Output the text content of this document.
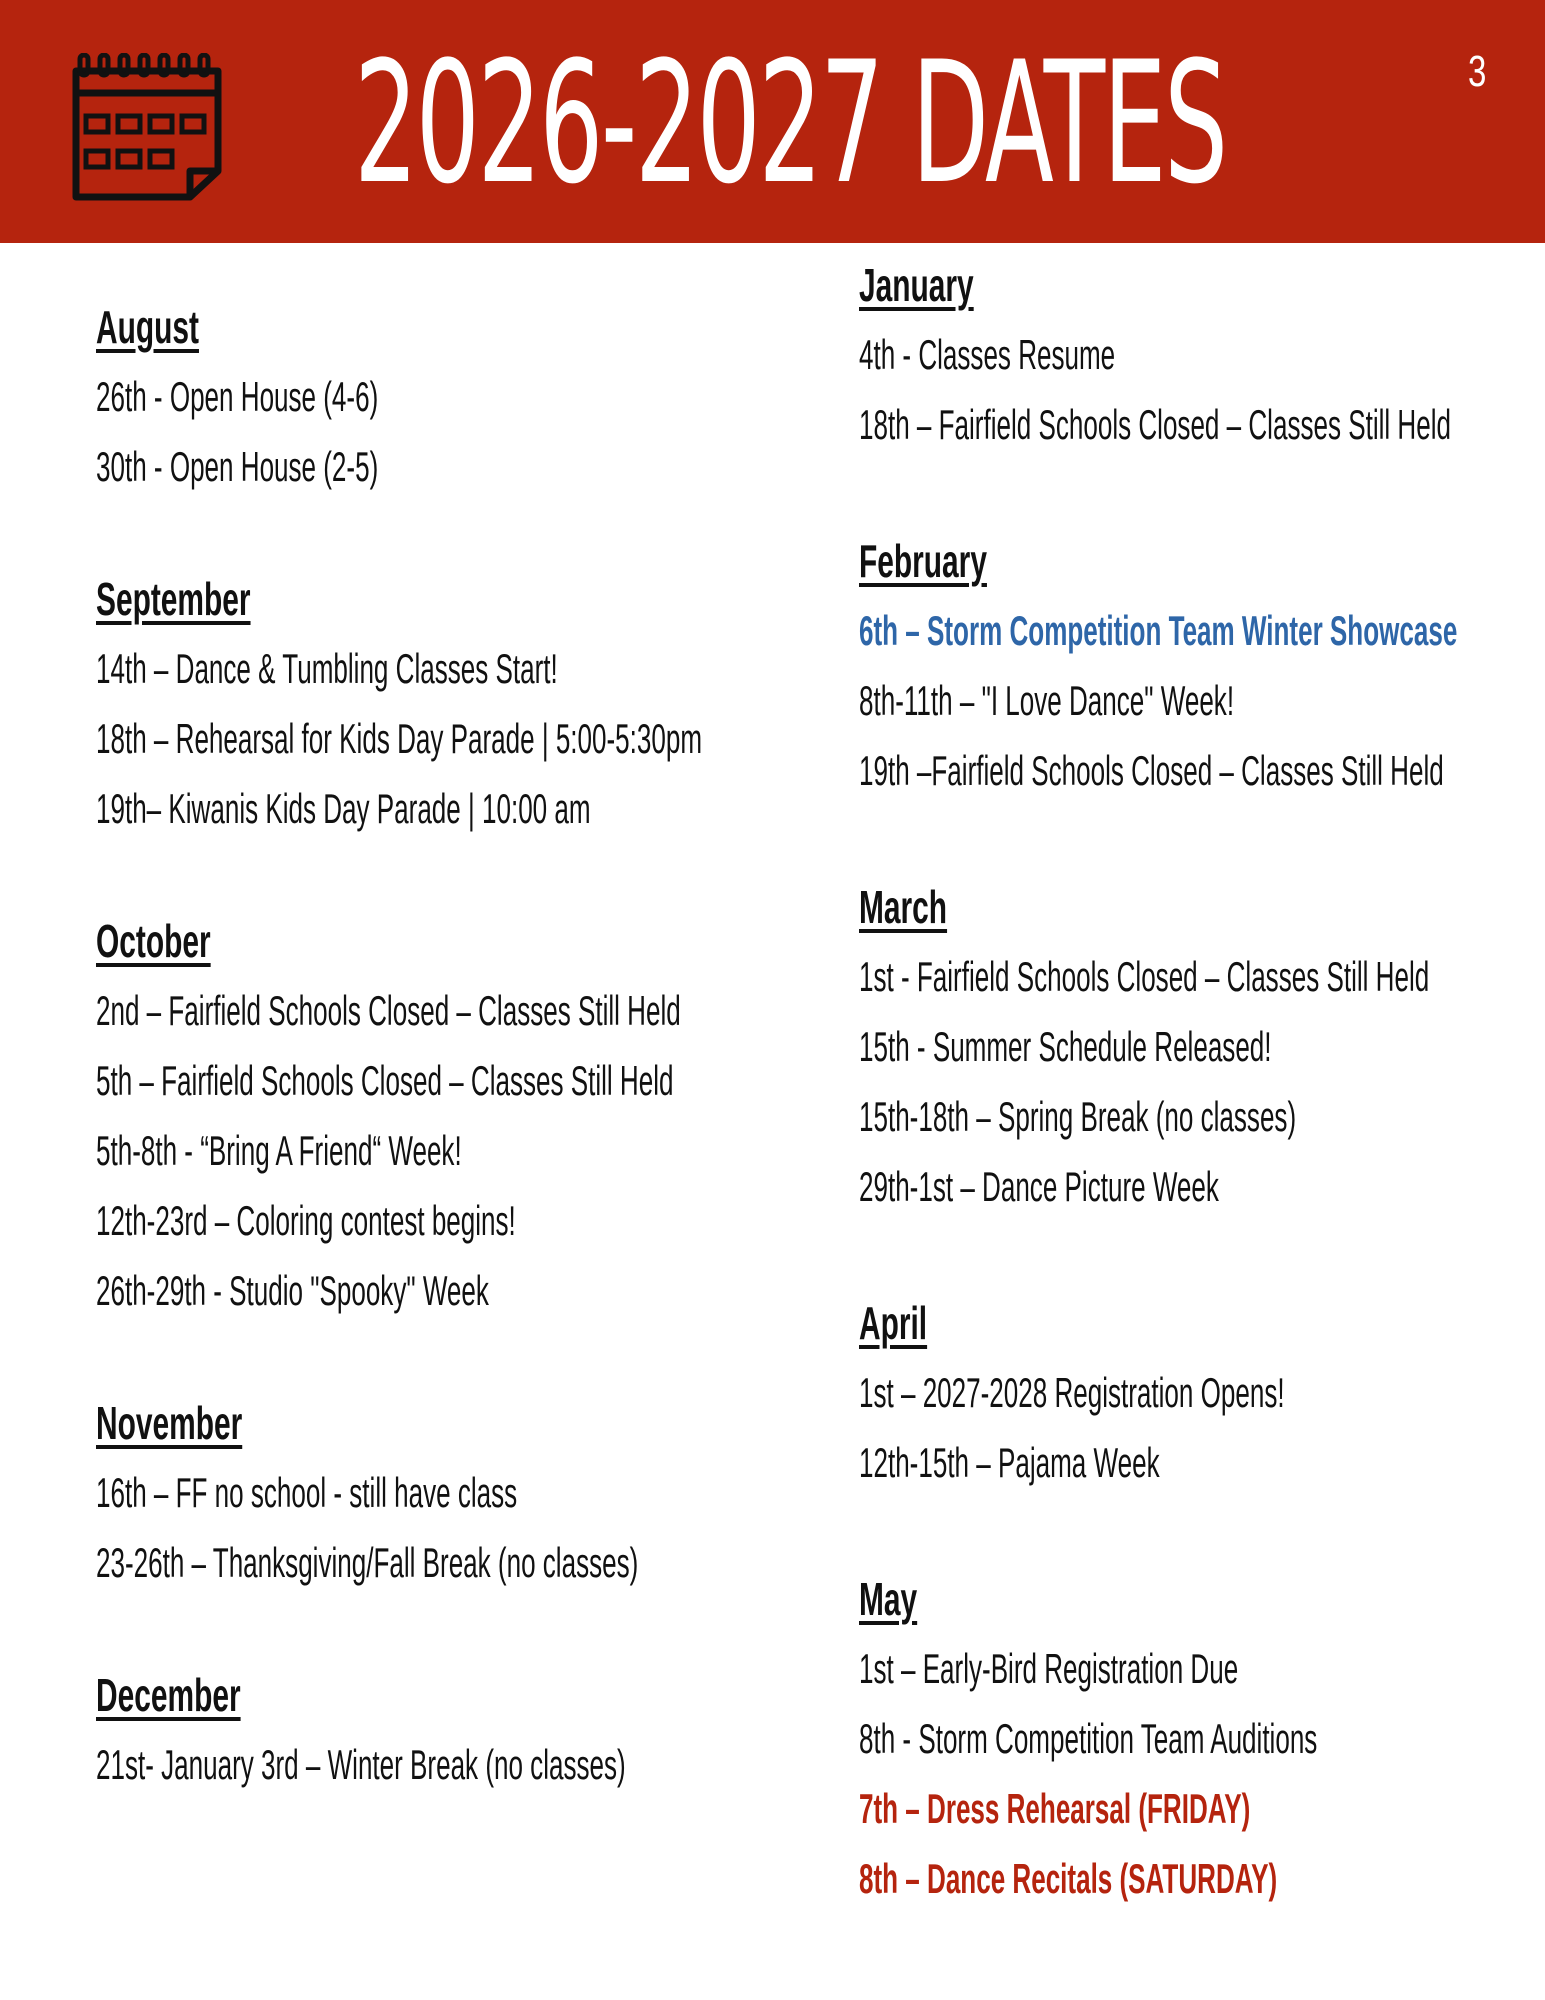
2026-2027 DATES	3
August
26th - Open House (4-6)
30th - Open House (2-5)
September
14th – Dance & Tumbling Classes Start!
18th – Rehearsal for Kids Day Parade | 5:00-5:30pm
19th– Kiwanis Kids Day Parade | 10:00 am
October
2nd – Fairfield Schools Closed – Classes Still Held
5th – Fairfield Schools Closed – Classes Still Held
5th-8th - “Bring A Friend“ Week!
12th-23rd – Coloring contest begins!
26th-29th - Studio "Spooky" Week
November
16th – FF no school - still have class
23-26th – Thanksgiving/Fall Break (no classes)
December
21st- January 3rd – Winter Break (no classes)
January
4th - Classes Resume
18th – Fairfield Schools Closed – Classes Still Held
February
6th – Storm Competition Team Winter Showcase
8th-11th – "I Love Dance" Week!
19th –Fairfield Schools Closed – Classes Still Held
March
1st - Fairfield Schools Closed – Classes Still Held
15th - Summer Schedule Released!
15th-18th – Spring Break (no classes)
29th-1st – Dance Picture Week
April
1st – 2027-2028 Registration Opens!
12th-15th – Pajama Week
May
1st – Early-Bird Registration Due
8th - Storm Competition Team Auditions
7th – Dress Rehearsal (FRIDAY)
8th – Dance Recitals (SATURDAY)
